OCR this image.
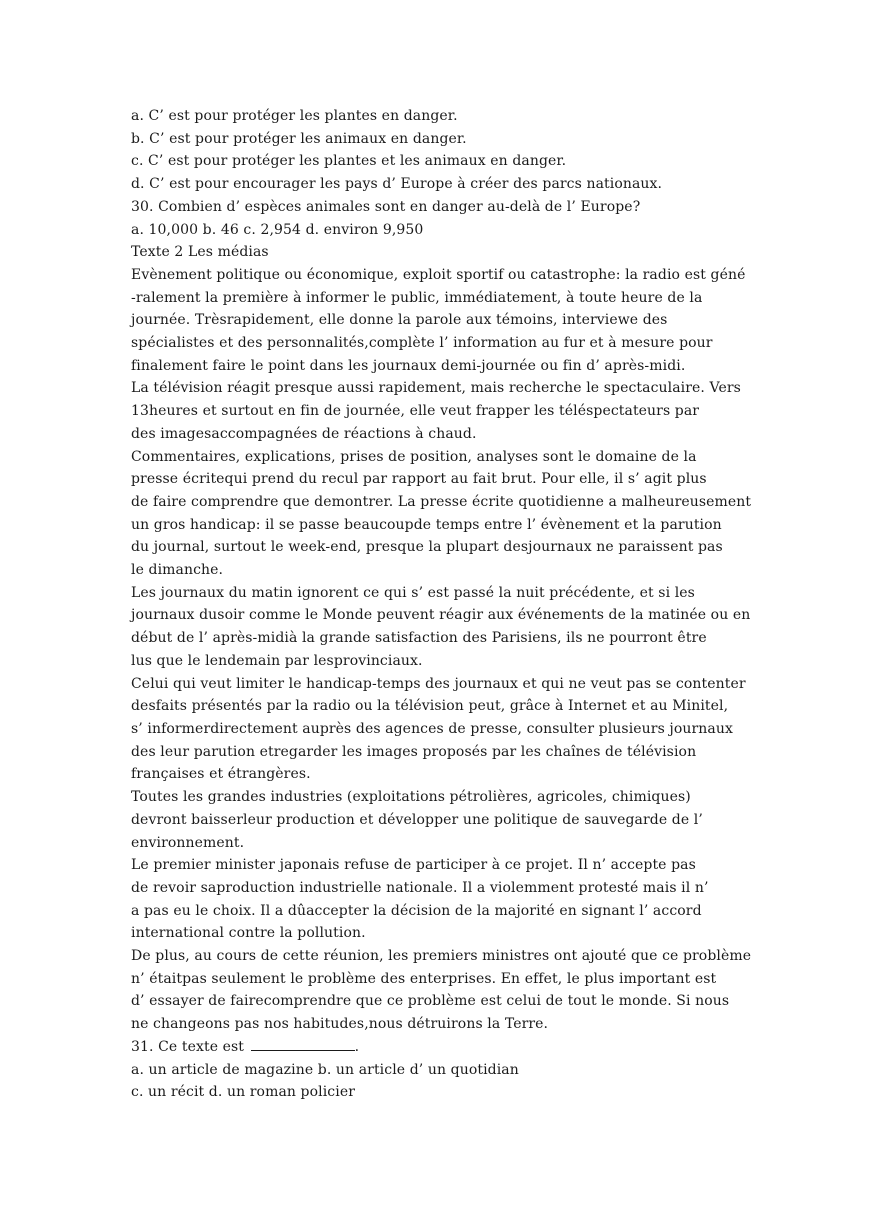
a. C’ est pour protéger les plantes en danger.
b. C’ est pour protéger les animaux en danger.
c. C’ est pour protéger les plantes et les animaux en danger.
d. C’ est pour encourager les pays d’ Europe à créer des parcs nationaux.
30. Combien d’ espèces animales sont en danger au-delà de l’ Europe?
a. 10,000 b. 46 c. 2,954 d. environ 9,950
Texte 2 Les médias
Evènement politique ou économique, exploit sportif ou catastrophe: la radio est géné
-ralement la première à informer le public, immédiatement, à toute heure de la
journée. Trèsrapidement, elle donne la parole aux témoins, interviewe des
spécialistes et des personnalités,complète l’ information au fur et à mesure pour
finalement faire le point dans les journaux demi-journée ou fin d’ après-midi.
La télévision réagit presque aussi rapidement, mais recherche le spectaculaire. Vers
13heures et surtout en fin de journée, elle veut frapper les téléspectateurs par
des imagesaccompagnées de réactions à chaud.
Commentaires, explications, prises de position, analyses sont le domaine de la
presse écritequi prend du recul par rapport au fait brut. Pour elle, il s’ agit plus
de faire comprendre que demontrer. La presse écrite quotidienne a malheureusement
un gros handicap: il se passe beaucoupde temps entre l’ évènement et la parution
du journal, surtout le week-end, presque la plupart desjournaux ne paraissent pas
le dimanche.
Les journaux du matin ignorent ce qui s’ est passé la nuit précédente, et si les
journaux dusoir comme le Monde peuvent réagir aux événements de la matinée ou en
début de l’ après-midià la grande satisfaction des Parisiens, ils ne pourront être
lus que le lendemain par lesprovinciaux.
Celui qui veut limiter le handicap-temps des journaux et qui ne veut pas se contenter
desfaits présentés par la radio ou la télévision peut, grâce à Internet et au Minitel,
s’ informerdirectement auprès des agences de presse, consulter plusieurs journaux
des leur parution etregarder les images proposés par les chaînes de télévision
françaises et étrangères.
Toutes les grandes industries (exploitations pétrolières, agricoles, chimiques)
devront baisserleur production et développer une politique de sauvegarde de l’
environnement.
Le premier minister japonais refuse de participer à ce projet. Il n’ accepte pas
de revoir saproduction industrielle nationale. Il a violemment protesté mais il n’
a pas eu le choix. Il a dûaccepter la décision de la majorité en signant l’ accord
international contre la pollution.
De plus, au cours de cette réunion, les premiers ministres ont ajouté que ce problème
n’ étaitpas seulement le problème des enterprises. En effet, le plus important est
d’ essayer de fairecomprendre que ce problème est celui de tout le monde. Si nous
ne changeons pas nos habitudes,nous détruirons la Terre.
31. Ce texte est	.
a. un article de magazine b. un article d’ un quotidian
c. un récit d. un roman policier
